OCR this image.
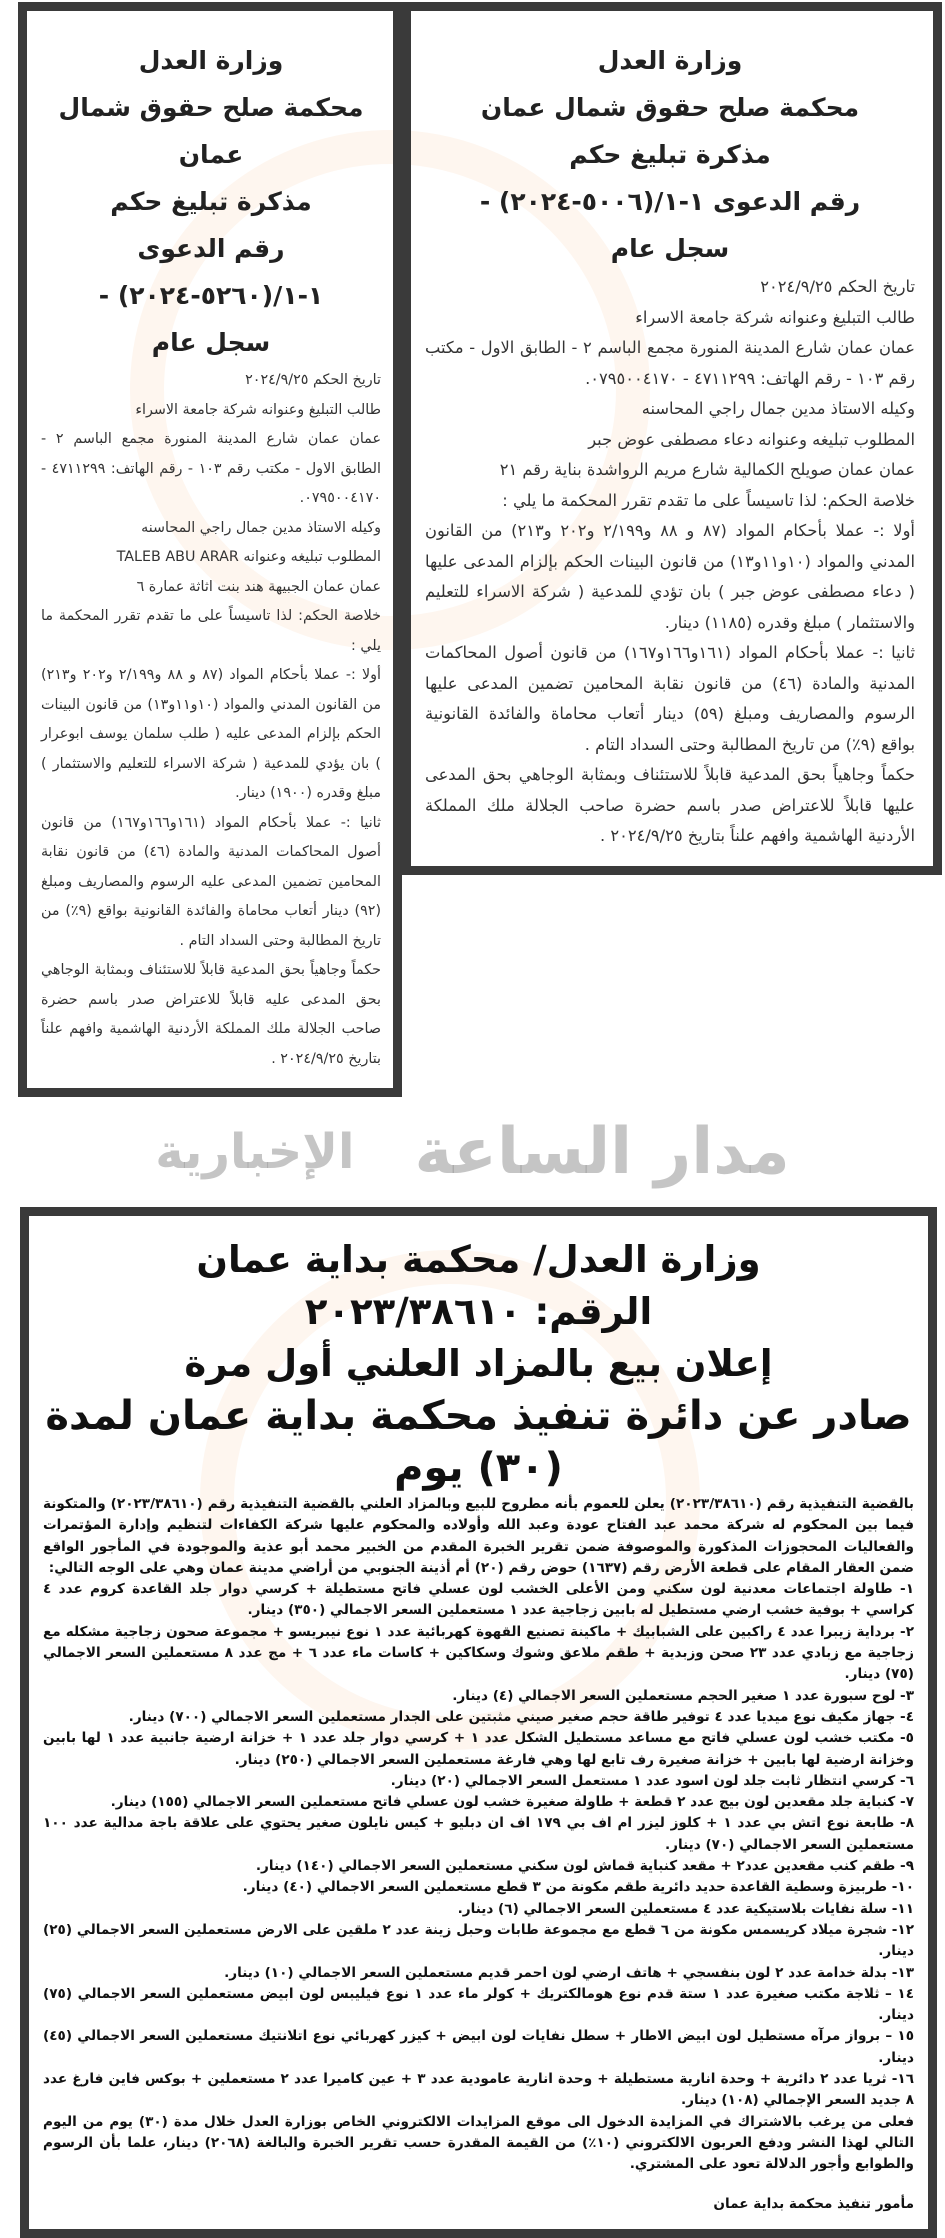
وزارة العدل
محكمة صلح حقوق شمال عمان
مذكرة تبليغ حكم
رقم الدعوى ١-١/(٥٢٦٠-٢٠٢٤) -
سجل عام

تاريخ الحكم ٢٠٢٤/٩/٢٥

طالب التبليغ وعنوانه شركة جامعة الاسراء

عمان عمان شارع المدينة المنورة مجمع الباسم ٢ - الطابق الاول - مكتب رقم ١٠٣ - رقم الهاتف: ٤٧١١٢٩٩ - ٠٧٩٥٠٠٤١٧٠.

وكيله الاستاذ مدين جمال راجي المحاسنه

المطلوب تبليغه وعنوانه TALEB ABU ARAR

عمان عمان الجبيهة هند بنت اثاثة عمارة ٦

خلاصة الحكم: لذا تاسيساً على ما تقدم تقرر المحكمة ما يلي :

أولا :- عملا بأحكام المواد (٨٧ و ٨٨ و٢/١٩٩ و٢٠٢ و٢١٣) من القانون المدني والمواد (١٠و١١و١٣) من قانون البينات الحكم بإلزام المدعى عليه ( طلب سلمان يوسف ابوعرار ) بان يؤدي للمدعية ( شركة الاسراء للتعليم والاستثمار ) مبلغ وقدره (١٩٠٠) دينار.

ثانيا :- عملا بأحكام المواد (١٦١و١٦٦و١٦٧) من قانون أصول المحاكمات المدنية والمادة (٤٦) من قانون نقابة المحامين تضمين المدعى عليه الرسوم والمصاريف ومبلغ (٩٢) دينار أتعاب محاماة والفائدة القانونية بواقع (٩٪) من تاريخ المطالبة وحتى السداد التام .

حكماً وجاهياً بحق المدعية قابلاً للاستئناف وبمثابة الوجاهي بحق المدعى عليه قابلاً للاعتراض صدر باسم حضرة صاحب الجلالة ملك المملكة الأردنية الهاشمية وافهم علناً بتاريخ ٢٠٢٤/٩/٢٥ .

وزارة العدل
محكمة صلح حقوق شمال عمان
مذكرة تبليغ حكم
رقم الدعوى ١-١/(٥٠٠٦-٢٠٢٤) -
سجل عام

تاريخ الحكم ٢٠٢٤/٩/٢٥

طالب التبليغ وعنوانه شركة جامعة الاسراء

عمان عمان شارع المدينة المنورة مجمع الباسم ٢ - الطابق الاول - مكتب رقم ١٠٣ - رقم الهاتف: ٤٧١١٢٩٩ - ٠٧٩٥٠٠٤١٧٠.

وكيله الاستاذ مدين جمال راجي المحاسنه

المطلوب تبليغه وعنوانه دعاء مصطفى عوض جبر

عمان عمان صويلح الكمالية شارع مريم الرواشدة بناية رقم ٢١

خلاصة الحكم: لذا تاسيساً على ما تقدم تقرر المحكمة ما يلي :

أولا :- عملا بأحكام المواد (٨٧ و ٨٨ و٢/١٩٩ و٢٠٢ و٢١٣) من القانون المدني والمواد (١٠و١١و١٣) من قانون البينات الحكم بإلزام المدعى عليها ( دعاء مصطفى عوض جبر ) بان تؤدي للمدعية ( شركة الاسراء للتعليم والاستثمار ) مبلغ وقدره (١١٨٥) دينار.

ثانيا :- عملا بأحكام المواد (١٦١و١٦٦و١٦٧) من قانون أصول المحاكمات المدنية والمادة (٤٦) من قانون نقابة المحامين تضمين المدعى عليها الرسوم والمصاريف ومبلغ (٥٩) دينار أتعاب محاماة والفائدة القانونية بواقع (٩٪) من تاريخ المطالبة وحتى السداد التام .

حكماً وجاهياً بحق المدعية قابلاً للاستئناف وبمثابة الوجاهي بحق المدعى عليها قابلاً للاعتراض صدر باسم حضرة صاحب الجلالة ملك المملكة الأردنية الهاشمية وافهم علناً بتاريخ ٢٠٢٤/٩/٢٥ .

مدار الساعة
الإخبارية
وزارة العدل/ محكمة بداية عمان
الرقم: ٢٠٢٣/٣٨٦١٠
إعلان بيع بالمزاد العلني أول مرة
صادر عن دائرة تنفيذ محكمة بداية عمان لمدة (٣٠) يوم

بالقضية التنفيذية رقم (٢٠٢٣/٣٨٦١٠) يعلن للعموم بأنه مطروح للبيع وبالمزاد العلني بالقضية التنفيذية رقم (٢٠٢٣/٣٨٦١٠) والمتكونة فيما بين المحكوم له شركة محمد عبد الفتاح عودة وعبد الله وأولاده والمحكوم عليها شركة الكفاءات لتنظيم وإدارة المؤتمرات والفعاليات المحجوزات المذكورة والموصوفة ضمن تقرير الخبرة المقدم من الخبير محمد أبو عذية والموجودة في المأجور الواقع ضمن العقار المقام على قطعة الأرض رقم (١٦٣٧) حوض رقم (٢٠) أم أذينة الجنوبي من أراضي مدينة عمان وهي على الوجه التالي:

١- طاولة اجتماعات معدنية لون سكني ومن الأعلى الخشب لون عسلي فاتح مستطيلة + كرسي دوار جلد القاعدة كروم عدد ٤ كراسي + بوفية خشب ارضي مستطيل له بابين زجاجية عدد ١ مستعملين السعر الاجمالي (٣٥٠) دينار.

٢- برداية زيبرا عدد ٤ راكبين على الشبابيك + ماكينة تصنيع القهوة كهربائية عدد ١ نوع نيبريسو + مجموعة صحون زجاجية مشكله مع زجاجية مع زبادي عدد ٢٣ صحن وزبدية + طقم ملاعق وشوك وسكاكين + كاسات ماء عدد ٦ + مج عدد ٨ مستعملين السعر الاجمالي (٧٥) دينار.

٣- لوح سبورة عدد ١ صغير الحجم مستعملين السعر الاجمالي (٤) دينار.

٤- جهاز مكيف نوع ميديا عدد ٤ توفير طاقة حجم صغير صيني مثبتين على الجدار مستعملين السعر الاجمالي (٧٠٠) دينار.

٥- مكتب خشب لون عسلي فاتح مع مساعد مستطيل الشكل عدد ١ + كرسي دوار جلد عدد ١ + خزانة ارضية جانبية عدد ١ لها بابين وخزانة ارضية لها بابين + خزانة صغيرة رف تابع لها وهي فارغة مستعملين السعر الاجمالي (٢٥٠) دينار.

٦- كرسي انتظار ثابت جلد لون اسود عدد ١ مستعمل السعر الاجمالي (٢٠) دينار.

٧- كنباية جلد مقعدين لون بيج عدد ٢ قطعة + طاولة صغيرة خشب لون عسلي فاتح مستعملين السعر الاجمالي (١٥٥) دينار.

٨- طابعة نوع اتش بي عدد ١ + كلوز ليزر ام اف بي ١٧٩ اف ان دبليو + كيس نايلون صغير يحتوي على علاقة باجة مدالية عدد ١٠٠ مستعملين السعر الاجمالي (٧٠) دينار.

٩- طقم كنب مقعدين عدد٢ + مقعد كنباية قماش لون سكني مستعملين السعر الاجمالي (١٤٠) دينار.

١٠- طربيزة وسطية القاعدة حديد دائرية طقم مكونة من ٣ قطع مستعملين السعر الاجمالي (٤٠) دينار.

١١- سلة نفايات بلاستيكية عدد ٤ مستعملين السعر الاجمالي (٦) دينار.

١٢- شجرة ميلاد كريسمس مكونة من ٦ قطع مع مجموعة طابات وحبل زينة عدد ٢ ملقين على الارض مستعملين السعر الاجمالي (٢٥) دينار.

١٣- بدلة خدامة عدد ٢ لون بنفسجي + هاتف ارضي لون احمر قديم مستعملين السعر الاجمالي (١٠) دينار.

١٤ – ثلاجة مكتب صغيرة عدد ١ ستة قدم نوع هومالكتريك + كولر ماء عدد ١ نوع فيليبس لون ابيض مستعملين السعر الاجمالي (٧٥) دينار.

١٥ – برواز مرآه مستطيل لون ابيض الاطار + سطل نفايات لون ابيض + كيزر كهربائي نوع اتلانتيك مستعملين السعر الاجمالي (٤٥) دينار.

١٦- ثريا عدد ٢ دائرية + وحدة انارية مستطيلة + وحدة انارية عامودية عدد ٣ + عين كاميرا عدد ٢ مستعملين + بوكس فاين فارغ عدد ٨ جديد السعر الإجمالي (١٠٨) دينار.

فعلى من يرغب بالاشتراك في المزايدة الدخول الى موقع المزايدات الالكتروني الخاص بوزارة العدل خلال مدة (٣٠) يوم من اليوم التالي لهذا النشر ودفع العربون الالكتروني (١٠٪) من القيمة المقدرة حسب تقرير الخبرة والبالغة (٢٠٦٨) دينار، علما بأن الرسوم والطوابع وأجور الدلالة تعود على المشتري.

مأمور تنفيذ محكمة بداية عمان
